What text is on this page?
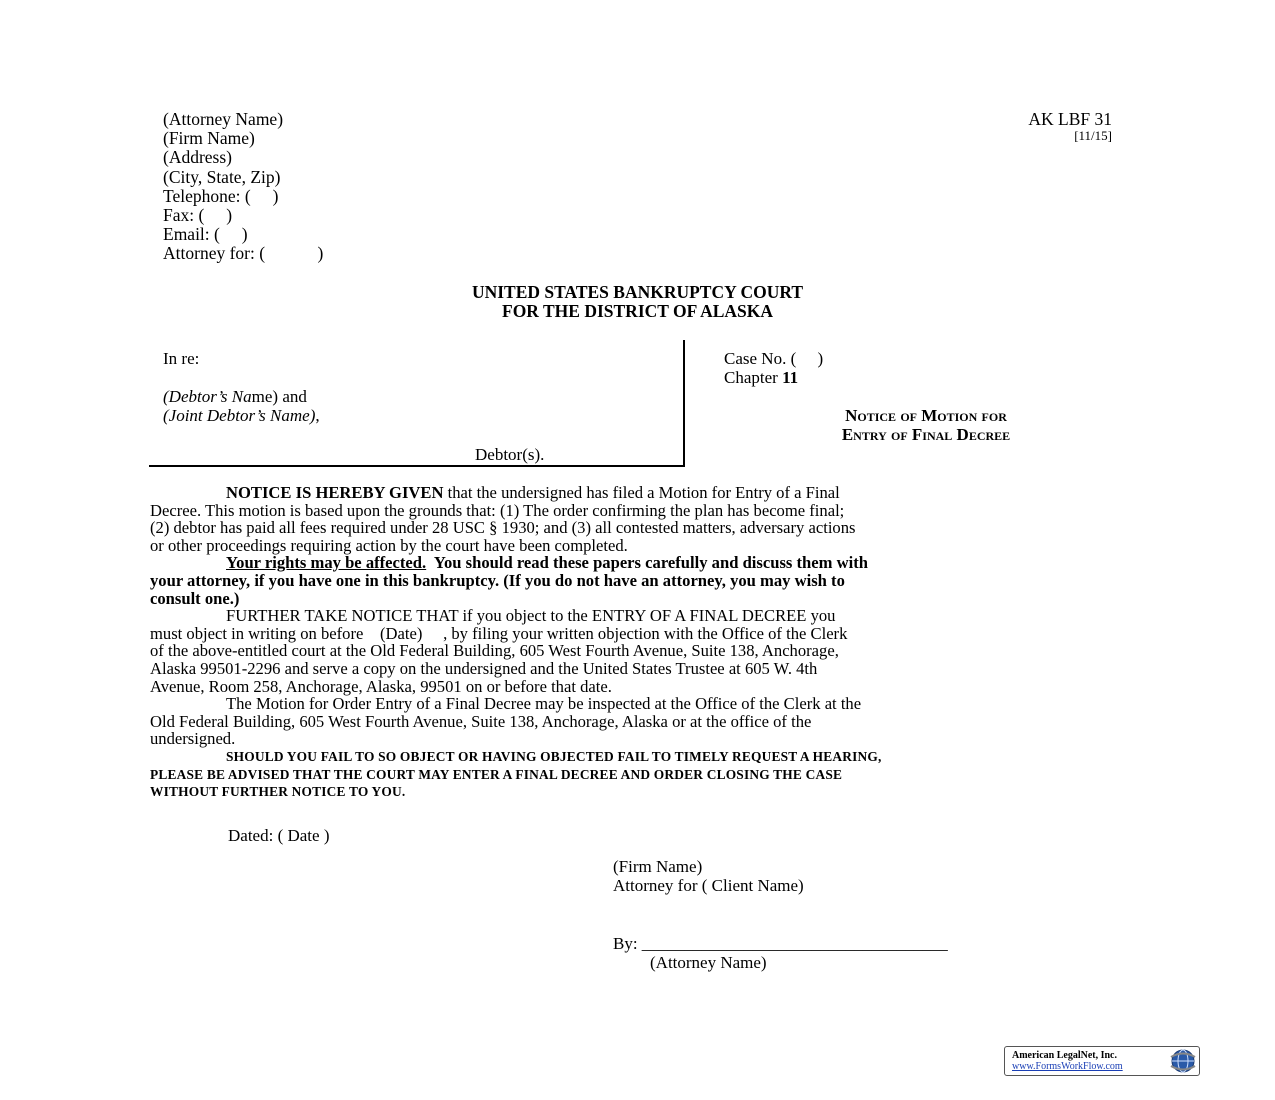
(Attorney Name)
(Firm Name)
(Address)
(City, State, Zip)
Telephone: (     )
Fax: (     )
Email: (     )
Attorney for: (            )
AK LBF 31
[11/15]
UNITED STATES BANKRUPTCY COURT
FOR THE DISTRICT OF ALASKA
In re:
(Debtor’s Name) and
(Joint Debtor’s Name),
Debtor(s).
Case No. (     )
Chapter 11
Notice of Motion for
Entry of Final Decree
NOTICE IS HEREBY GIVEN that the undersigned has filed a Motion for Entry of a Final
Decree. This motion is based upon the grounds that: (1) The order confirming the plan has become final;
(2) debtor has paid all fees required under 28 USC § 1930; and (3) all contested matters, adversary actions
or other proceedings requiring action by the court have been completed.
Your rights may be affected.  You should read these papers carefully and discuss them with
your attorney, if you have one in this bankruptcy. (If you do not have an attorney, you may wish to
consult one.)
FURTHER TAKE NOTICE THAT if you object to the ENTRY OF A FINAL DECREE you
must object in writing on before    (Date)     , by filing your written objection with the Office of the Clerk
of the above-entitled court at the Old Federal Building, 605 West Fourth Avenue, Suite 138, Anchorage,
Alaska 99501-2296 and serve a copy on the undersigned and the United States Trustee at 605 W. 4th
Avenue, Room 258, Anchorage, Alaska, 99501 on or before that date.
The Motion for Order Entry of a Final Decree may be inspected at the Office of the Clerk at the
Old Federal Building, 605 West Fourth Avenue, Suite 138, Anchorage, Alaska or at the office of the
undersigned.
SHOULD YOU FAIL TO SO OBJECT OR HAVING OBJECTED FAIL TO TIMELY REQUEST A HEARING,
PLEASE BE ADVISED THAT THE COURT MAY ENTER A FINAL DECREE AND ORDER CLOSING THE CASE
WITHOUT FURTHER NOTICE TO YOU.
Dated: ( Date )
(Firm Name)
Attorney for ( Client Name)
By: ____________________________________
(Attorney Name)
American LegalNet, Inc.
www.FormsWorkFlow.com
